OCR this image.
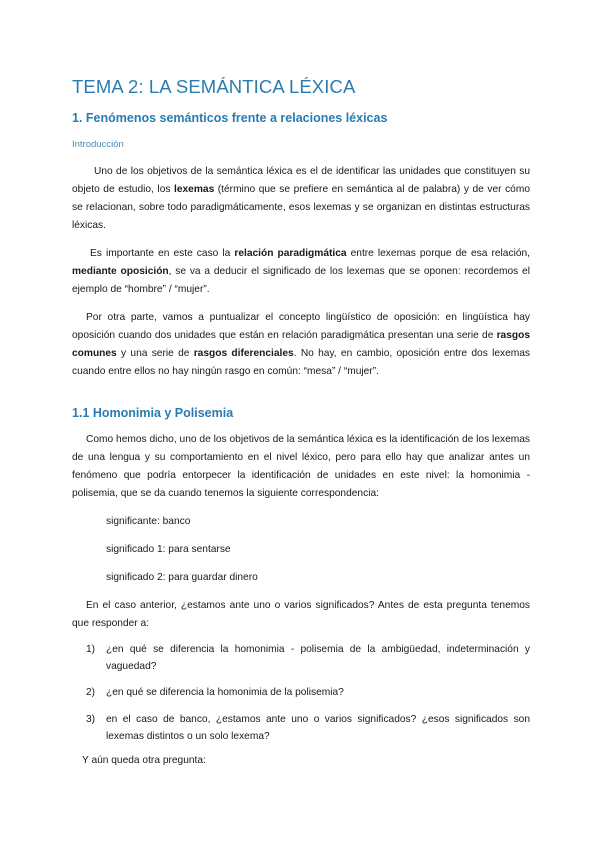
TEMA 2: LA SEMÁNTICA LÉXICA
1. Fenómenos semánticos frente a relaciones léxicas
Introducción

Uno de los objetivos de la semántica léxica es el de identificar las unidades que constituyen su objeto de estudio, los lexemas (término que se prefiere en semántica al de palabra) y de ver cómo se relacionan, sobre todo paradigmáticamente, esos lexemas y se organizan en distintas estructuras léxicas.

Es importante en este caso la relación paradigmática entre lexemas porque de esa relación, mediante oposición, se va a deducir el significado de los lexemas que se oponen: recordemos el ejemplo de “hombre” / “mujer”.

Por otra parte, vamos a puntualizar el concepto lingüístico de oposición: en lingüística hay oposición cuando dos unidades que están en relación paradigmática presentan una serie de rasgos comunes y una serie de rasgos diferenciales. No hay, en cambio, oposición entre dos lexemas cuando entre ellos no hay ningún rasgo en común: “mesa” / “mujer”.

1.1 Homonimia y Polisemia

Como hemos dicho, uno de los objetivos de la semántica léxica es la identificación de los lexemas de una lengua y su comportamiento en el nivel léxico, pero para ello hay que analizar antes un fenómeno que podría entorpecer la identificación de unidades en este nivel: la homonimia - polisemia, que se da cuando tenemos la siguiente correspondencia:

significante: banco
significado 1: para sentarse
significado 2: para guardar dinero

En el caso anterior, ¿estamos ante uno o varios significados? Antes de esta pregunta tenemos que responder a:

1) ¿en qué se diferencia la homonimia - polisemia de la ambigüedad, indeterminación y vaguedad?
2) ¿en qué se diferencia la homonimia de la polisemia?
3) en el caso de banco, ¿estamos ante uno o varios significados? ¿esos significados son lexemas distintos o un solo lexema?

Y aún queda otra pregunta:
